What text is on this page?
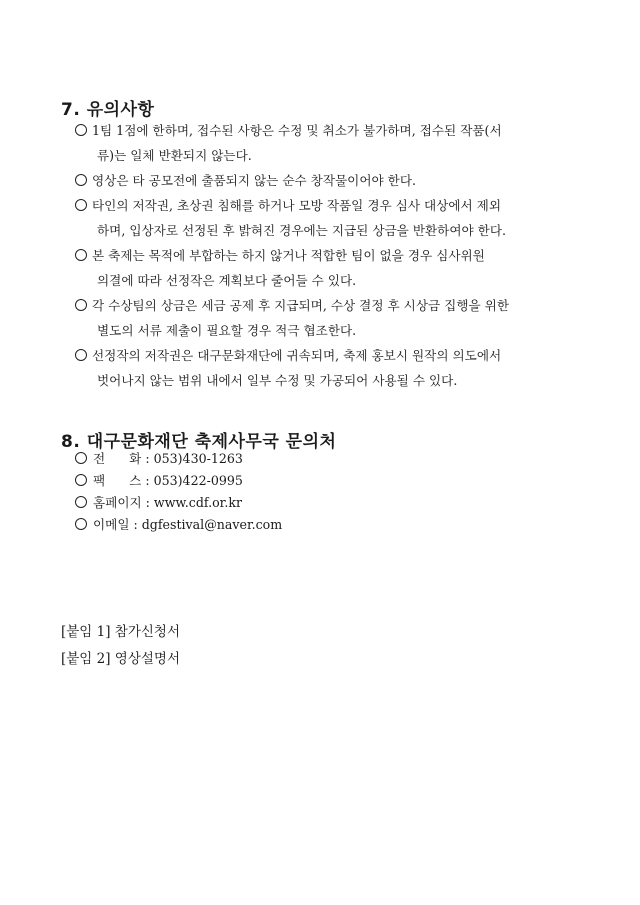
7. 유의사항
1팀 1점에 한하며, 접수된 사항은 수정 및 취소가 불가하며, 접수된 작품(서
류)는 일체 반환되지 않는다.
영상은 타 공모전에 출품되지 않는 순수 창작물이어야 한다.
타인의 저작권, 초상권 침해를 하거나 모방 작품일 경우 심사 대상에서 제외
하며, 입상자로 선정된 후 밝혀진 경우에는 지급된 상금을 반환하여야 한다.
본 축제는 목적에 부합하는 하지 않거나 적합한 팀이 없을 경우 심사위원
의결에 따라 선정작은 계획보다 줄어들 수 있다.
각 수상팀의 상금은 세금 공제 후 지급되며, 수상 결정 후 시상금 집행을 위한
별도의 서류 제출이 필요할 경우 적극 협조한다.
선정작의 저작권은 대구문화재단에 귀속되며, 축제 홍보시 원작의 의도에서
벗어나지 않는 범위 내에서 일부 수정 및 가공되어 사용될 수 있다.
8. 대구문화재단 축제사무국 문의처
전      화 : 053)430-1263
팩      스 : 053)422-0995
홈페이지 : www.cdf.or.kr
이메일 : dgfestival@naver.com
[붙임 1] 참가신청서
[붙임 2] 영상설명서
